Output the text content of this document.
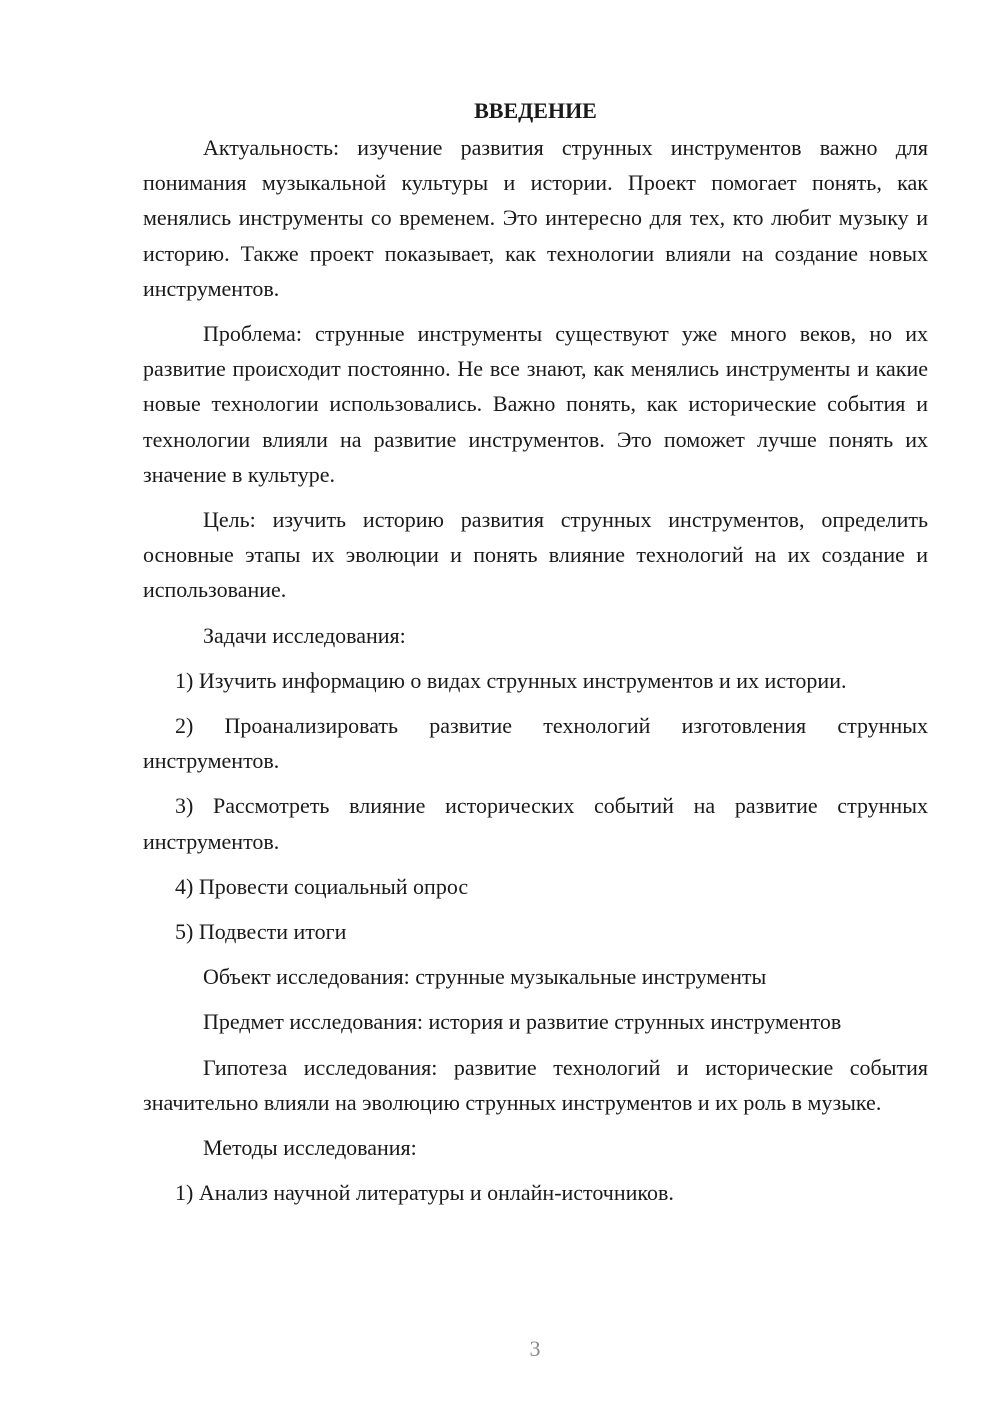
ВВЕДЕНИЕ

Актуальность: изучение развития струнных инструментов важно для понимания музыкальной культуры и истории. Проект помогает понять, как менялись инструменты со временем. Это интересно для тех, кто любит музыку и историю. Также проект показывает, как технологии влияли на создание новых инструментов.

Проблема: струнные инструменты существуют уже много веков, но их развитие происходит постоянно. Не все знают, как менялись инструменты и какие новые технологии использовались. Важно понять, как исторические события и технологии влияли на развитие инструментов. Это поможет лучше понять их значение в культуре.

Цель: изучить историю развития струнных инструментов, определить основные этапы их эволюции и понять влияние технологий на их создание и использование.

Задачи исследования:

1) Изучить информацию о видах струнных инструментов и их истории.

2) Проанализировать развитие технологий изготовления струнных инструментов.

3) Рассмотреть влияние исторических событий на развитие струнных инструментов.

4) Провести социальный опрос

5) Подвести итоги

Объект исследования: струнные музыкальные инструменты

Предмет исследования: история и развитие струнных инструментов

Гипотеза исследования: развитие технологий и исторические события значительно влияли на эволюцию струнных инструментов и их роль в музыке.

Методы исследования:

1) Анализ научной литературы и онлайн-источников.

3
